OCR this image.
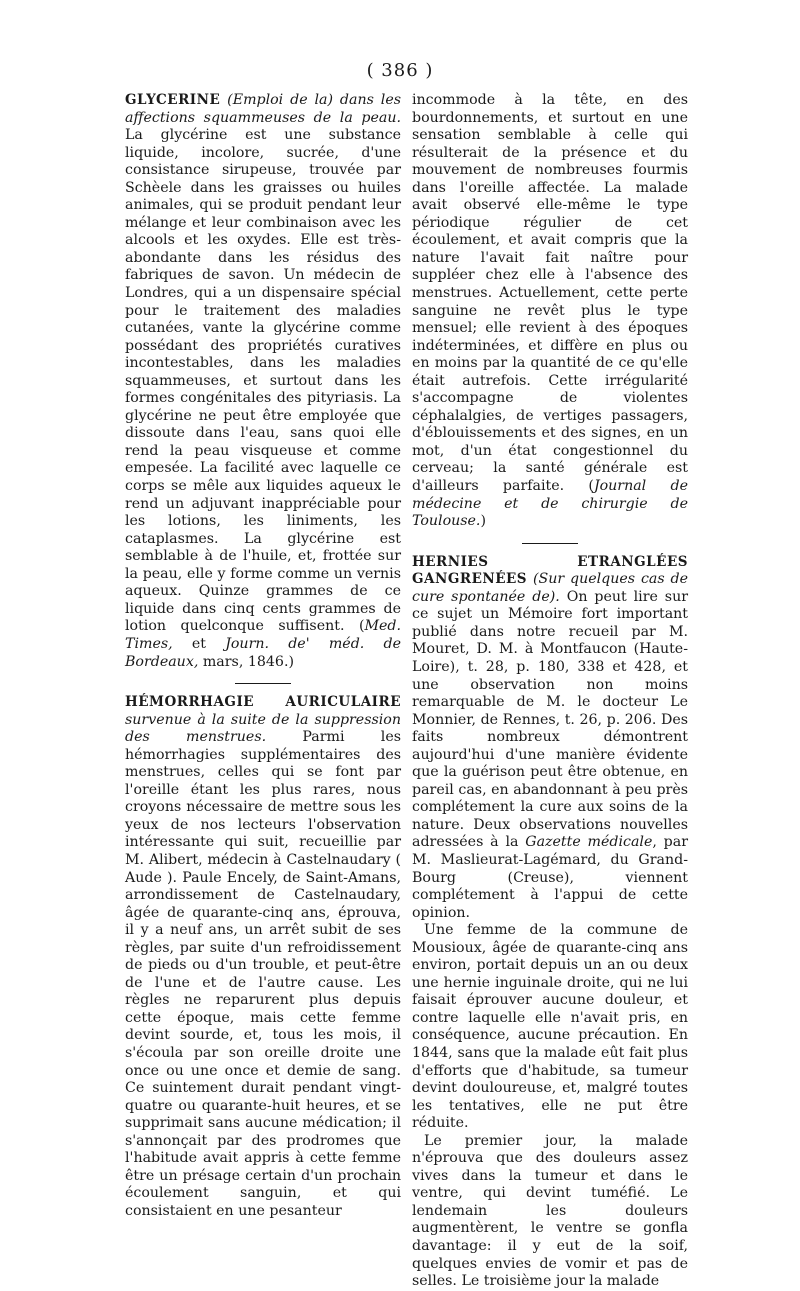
( 386 )

GLYCERINE (Emploi de la) dans les affections squammeuses de la peau. La glycérine est une substance liquide, incolore, sucrée, d'une consistance sirupeuse, trouvée par Schèele dans les graisses ou huiles animales, qui se produit pendant leur mélange et leur combinaison avec les alcools et les oxydes. Elle est très-abondante dans les résidus des fabriques de savon. Un médecin de Londres, qui a un dispensaire spécial pour le traitement des maladies cutanées, vante la glycérine comme possédant des propriétés curatives incontestables, dans les maladies squammeuses, et surtout dans les formes congénitales des pityriasis. La glycérine ne peut être employée que dissoute dans l'eau, sans quoi elle rend la peau visqueuse et comme empesée. La facilité avec laquelle ce corps se mêle aux liquides aqueux le rend un adjuvant inappréciable pour les lotions, les liniments, les cataplasmes. La glycérine est semblable à de l'huile, et, frottée sur la peau, elle y forme comme un vernis aqueux. Quinze grammes de ce liquide dans cinq cents grammes de lotion quelconque suffisent. (Med. Times, et Journ. de' méd. de Bordeaux, mars, 1846.)

HÉMORRHAGIE AURICULAIRE survenue à la suite de la suppression des menstrues. Parmi les hémorrhagies supplémentaires des menstrues, celles qui se font par l'oreille étant les plus rares, nous croyons nécessaire de mettre sous les yeux de nos lecteurs l'observation intéressante qui suit, recueillie par M. Alibert, médecin à Castelnaudary ( Aude ). Paule Encely, de Saint-Amans, arrondissement de Castelnaudary, âgée de quarante-cinq ans, éprouva, il y a neuf ans, un arrêt subit de ses règles, par suite d'un refroidissement de pieds ou d'un trouble, et peut-être de l'une et de l'autre cause. Les règles ne reparurent plus depuis cette époque, mais cette femme devint sourde, et, tous les mois, il s'écoula par son oreille droite une once ou une once et demie de sang. Ce suintement durait pendant vingt-quatre ou quarante-huit heures, et se supprimait sans aucune médication; il s'annonçait par des prodromes que l'habitude avait appris à cette femme être un présage certain d'un prochain écoulement sanguin, et qui consistaient en une pesanteur

incommode à la tête, en des bourdonnements, et surtout en une sensation semblable à celle qui résulterait de la présence et du mouvement de nombreuses fourmis dans l'oreille affectée. La malade avait observé elle-même le type périodique régulier de cet écoulement, et avait compris que la nature l'avait fait naître pour suppléer chez elle à l'absence des menstrues. Actuellement, cette perte sanguine ne revêt plus le type mensuel; elle revient à des époques indéterminées, et diffère en plus ou en moins par la quantité de ce qu'elle était autrefois. Cette irrégularité s'accompagne de violentes céphalalgies, de vertiges passagers, d'éblouissements et des signes, en un mot, d'un état congestionnel du cerveau; la santé générale est d'ailleurs parfaite. (Journal de médecine et de chirurgie de Toulouse.)

HERNIES ETRANGLÉES GANGRENÉES (Sur quelques cas de cure spontanée de). On peut lire sur ce sujet un Mémoire fort important publié dans notre recueil par M. Mouret, D. M. à Montfaucon (Haute-Loire), t. 28, p. 180, 338 et 428, et une observation non moins remarquable de M. le docteur Le Monnier, de Rennes, t. 26, p. 206. Des faits nombreux démontrent aujourd'hui d'une manière évidente que la guérison peut être obtenue, en pareil cas, en abandonnant à peu près complétement la cure aux soins de la nature. Deux observations nouvelles adressées à la Gazette médicale, par M. Maslieurat-Lagémard, du Grand-Bourg (Creuse), viennent complétement à l'appui de cette opinion.

Une femme de la commune de Mousioux, âgée de quarante-cinq ans environ, portait depuis un an ou deux une hernie inguinale droite, qui ne lui faisait éprouver aucune douleur, et contre laquelle elle n'avait pris, en conséquence, aucune précaution. En 1844, sans que la malade eût fait plus d'efforts que d'habitude, sa tumeur devint douloureuse, et, malgré toutes les tentatives, elle ne put être réduite.

Le premier jour, la malade n'éprouva que des douleurs assez vives dans la tumeur et dans le ventre, qui devint tuméfié. Le lendemain les douleurs augmentèrent, le ventre se gonfla davantage: il y eut de la soif, quelques envies de vomir et pas de selles. Le troisième jour la malade
